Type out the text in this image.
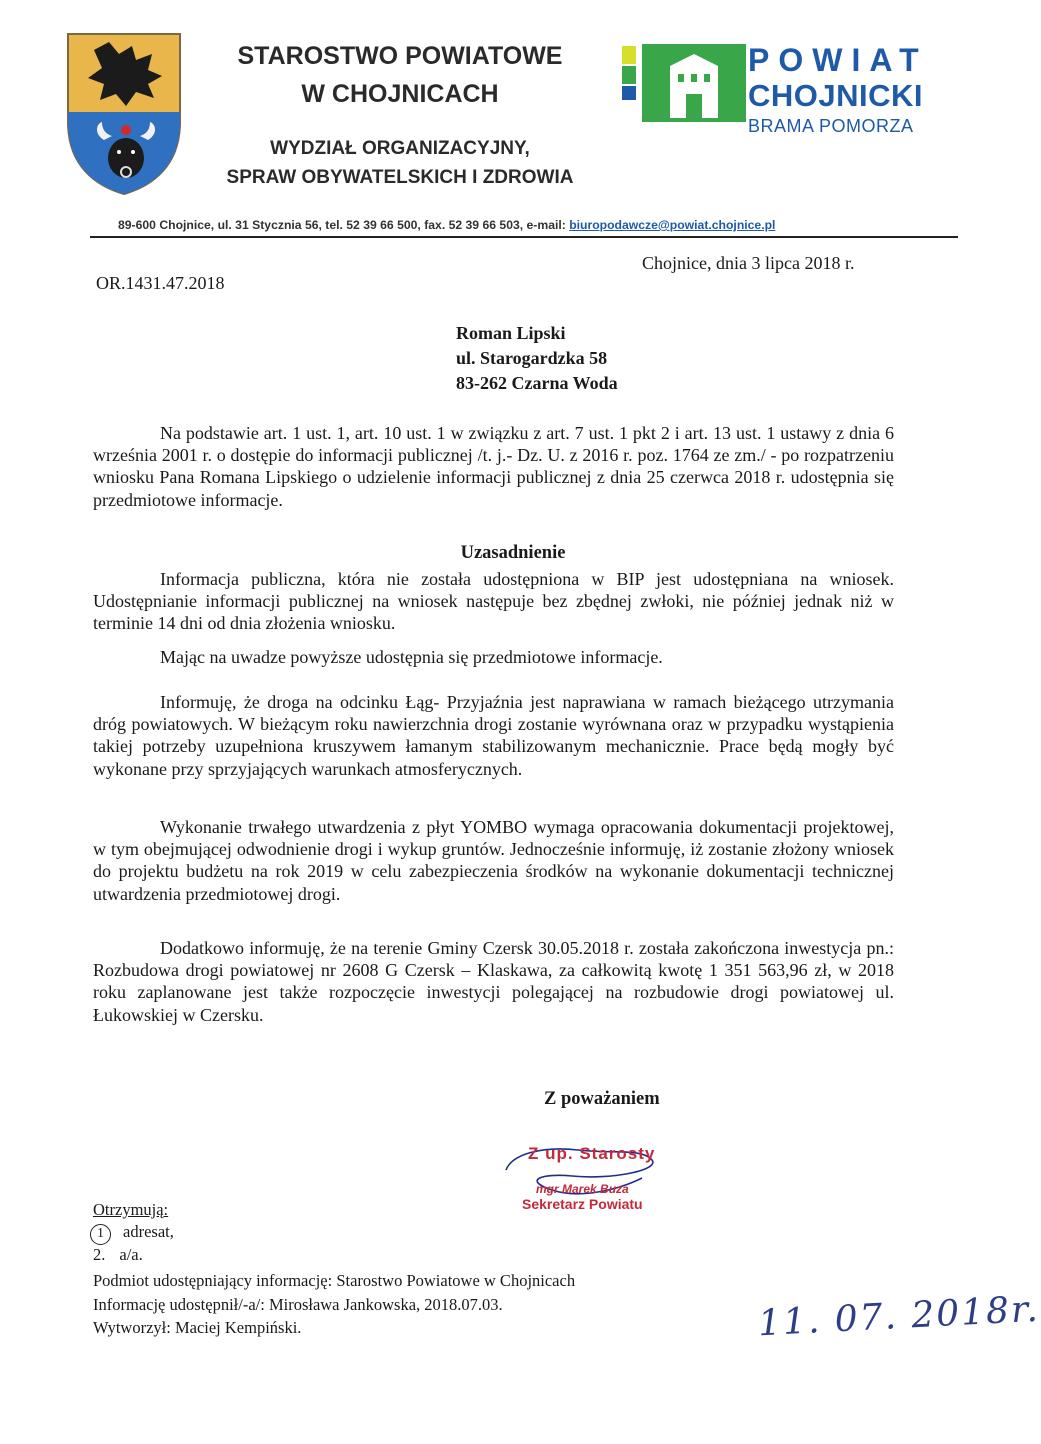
STAROSTWO POWIATOWE
W CHOJNICACH
WYDZIAŁ ORGANIZACYJNY,
SPRAW OBYWATELSKICH I ZDROWIA
POWIAT
CHOJNICKI
BRAMA POMORZA
89-600 Chojnice, ul. 31 Stycznia 56, tel. 52 39 66 500, fax. 52 39 66 503, e-mail: biuropodawcze@powiat.chojnice.pl
Chojnice, dnia 3 lipca 2018 r.
OR.1431.47.2018
Roman Lipski
ul. Starogardzka 58
83-262 Czarna Woda
Na podstawie art. 1 ust. 1, art. 10 ust. 1 w związku z art. 7 ust. 1 pkt 2 i art. 13 ust. 1 ustawy z dnia 6 września 2001 r. o dostępie do informacji publicznej /t. j.- Dz. U. z 2016 r. poz. 1764 ze zm./ - po rozpatrzeniu wniosku Pana Romana Lipskiego o udzielenie informacji publicznej z dnia 25 czerwca 2018 r. udostępnia się przedmiotowe informacje.
Uzasadnienie
Informacja publiczna, która nie została udostępniona w BIP jest udostępniana na wniosek. Udostępnianie informacji publicznej na wniosek następuje bez zbędnej zwłoki, nie później jednak niż w terminie 14 dni od dnia złożenia wniosku.
Mając na uwadze powyższe udostępnia się przedmiotowe informacje.
Informuję, że droga na odcinku Łąg- Przyjaźnia jest naprawiana w ramach bieżącego utrzymania dróg powiatowych. W bieżącym roku nawierzchnia drogi zostanie wyrównana oraz w przypadku wystąpienia takiej potrzeby uzupełniona kruszywem łamanym stabilizowanym mechanicznie. Prace będą mogły być wykonane przy sprzyjających warunkach atmosferycznych.
Wykonanie trwałego utwardzenia z płyt YOMBO wymaga opracowania dokumentacji projektowej, w tym obejmującej odwodnienie drogi i wykup gruntów. Jednocześnie informuję, iż zostanie złożony wniosek do projektu budżetu na rok 2019 w celu zabezpieczenia środków na wykonanie dokumentacji technicznej utwardzenia przedmiotowej drogi.
Dodatkowo informuję, że na terenie Gminy Czersk 30.05.2018 r. została zakończona inwestycja pn.: Rozbudowa drogi powiatowej nr 2608 G Czersk – Klaskawa, za całkowitą kwotę 1 351 563,96 zł, w 2018 roku zaplanowane jest także rozpoczęcie inwestycji polegającej na rozbudowie drogi powiatowej ul. Łukowskiej w Czersku.
Z poważaniem
Z up. Starosty
mgr Marek Buza
Sekretarz Powiatu
Otrzymują:
1 adresat,
2. a/a.
Podmiot udostępniający informację: Starostwo Powiatowe w Chojnicach
Informację udostępnił/-a/: Mirosława Jankowska, 2018.07.03.
Wytworzył: Maciej Kempiński.	11. 07. 2018r.
